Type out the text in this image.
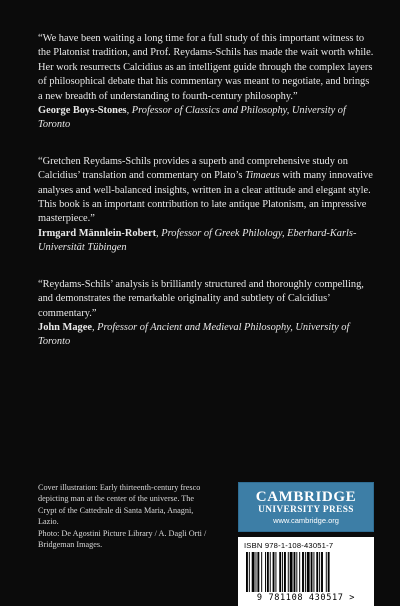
“We have been waiting a long time for a full study of this important witness to the Platonist tradition, and Prof. Reydams-Schils has made the wait worth while. Her work resurrects Calcidius as an intelligent guide through the complex layers of philosophical debate that his commentary was meant to negotiate, and brings a new breadth of understanding to fourth-century philosophy.”

George Boys-Stones, Professor of Classics and Philosophy, University of Toronto

“Gretchen Reydams-Schils provides a superb and comprehensive study on Calcidius’ translation and commentary on Plato’s Timaeus with many innovative analyses and well-balanced insights, written in a clear attitude and elegant style. This book is an important contribution to late antique Platonism, an impressive masterpiece.”

Irmgard Männlein-Robert, Professor of Greek Philology, Eberhard-Karls-Universität Tübingen

“Reydams-Schils’ analysis is brilliantly structured and thoroughly compelling, and demonstrates the remarkable originality and subtlety of Calcidius’ commentary.”

John Magee, Professor of Ancient and Medieval Philosophy, University of Toronto

Cover illustration: Early thirteenth-century fresco depicting man at the center of the universe. The Crypt of the Cattedrale di Santa Maria, Anagni, Lazio.

Photo: De Agostini Picture Library / A. Dagli Orti / Bridgeman Images.

CAMBRIDGE
UNIVERSITY PRESS
www.cambridge.org
ISBN 978-1-108-43051-7
9 781108 430517 >
